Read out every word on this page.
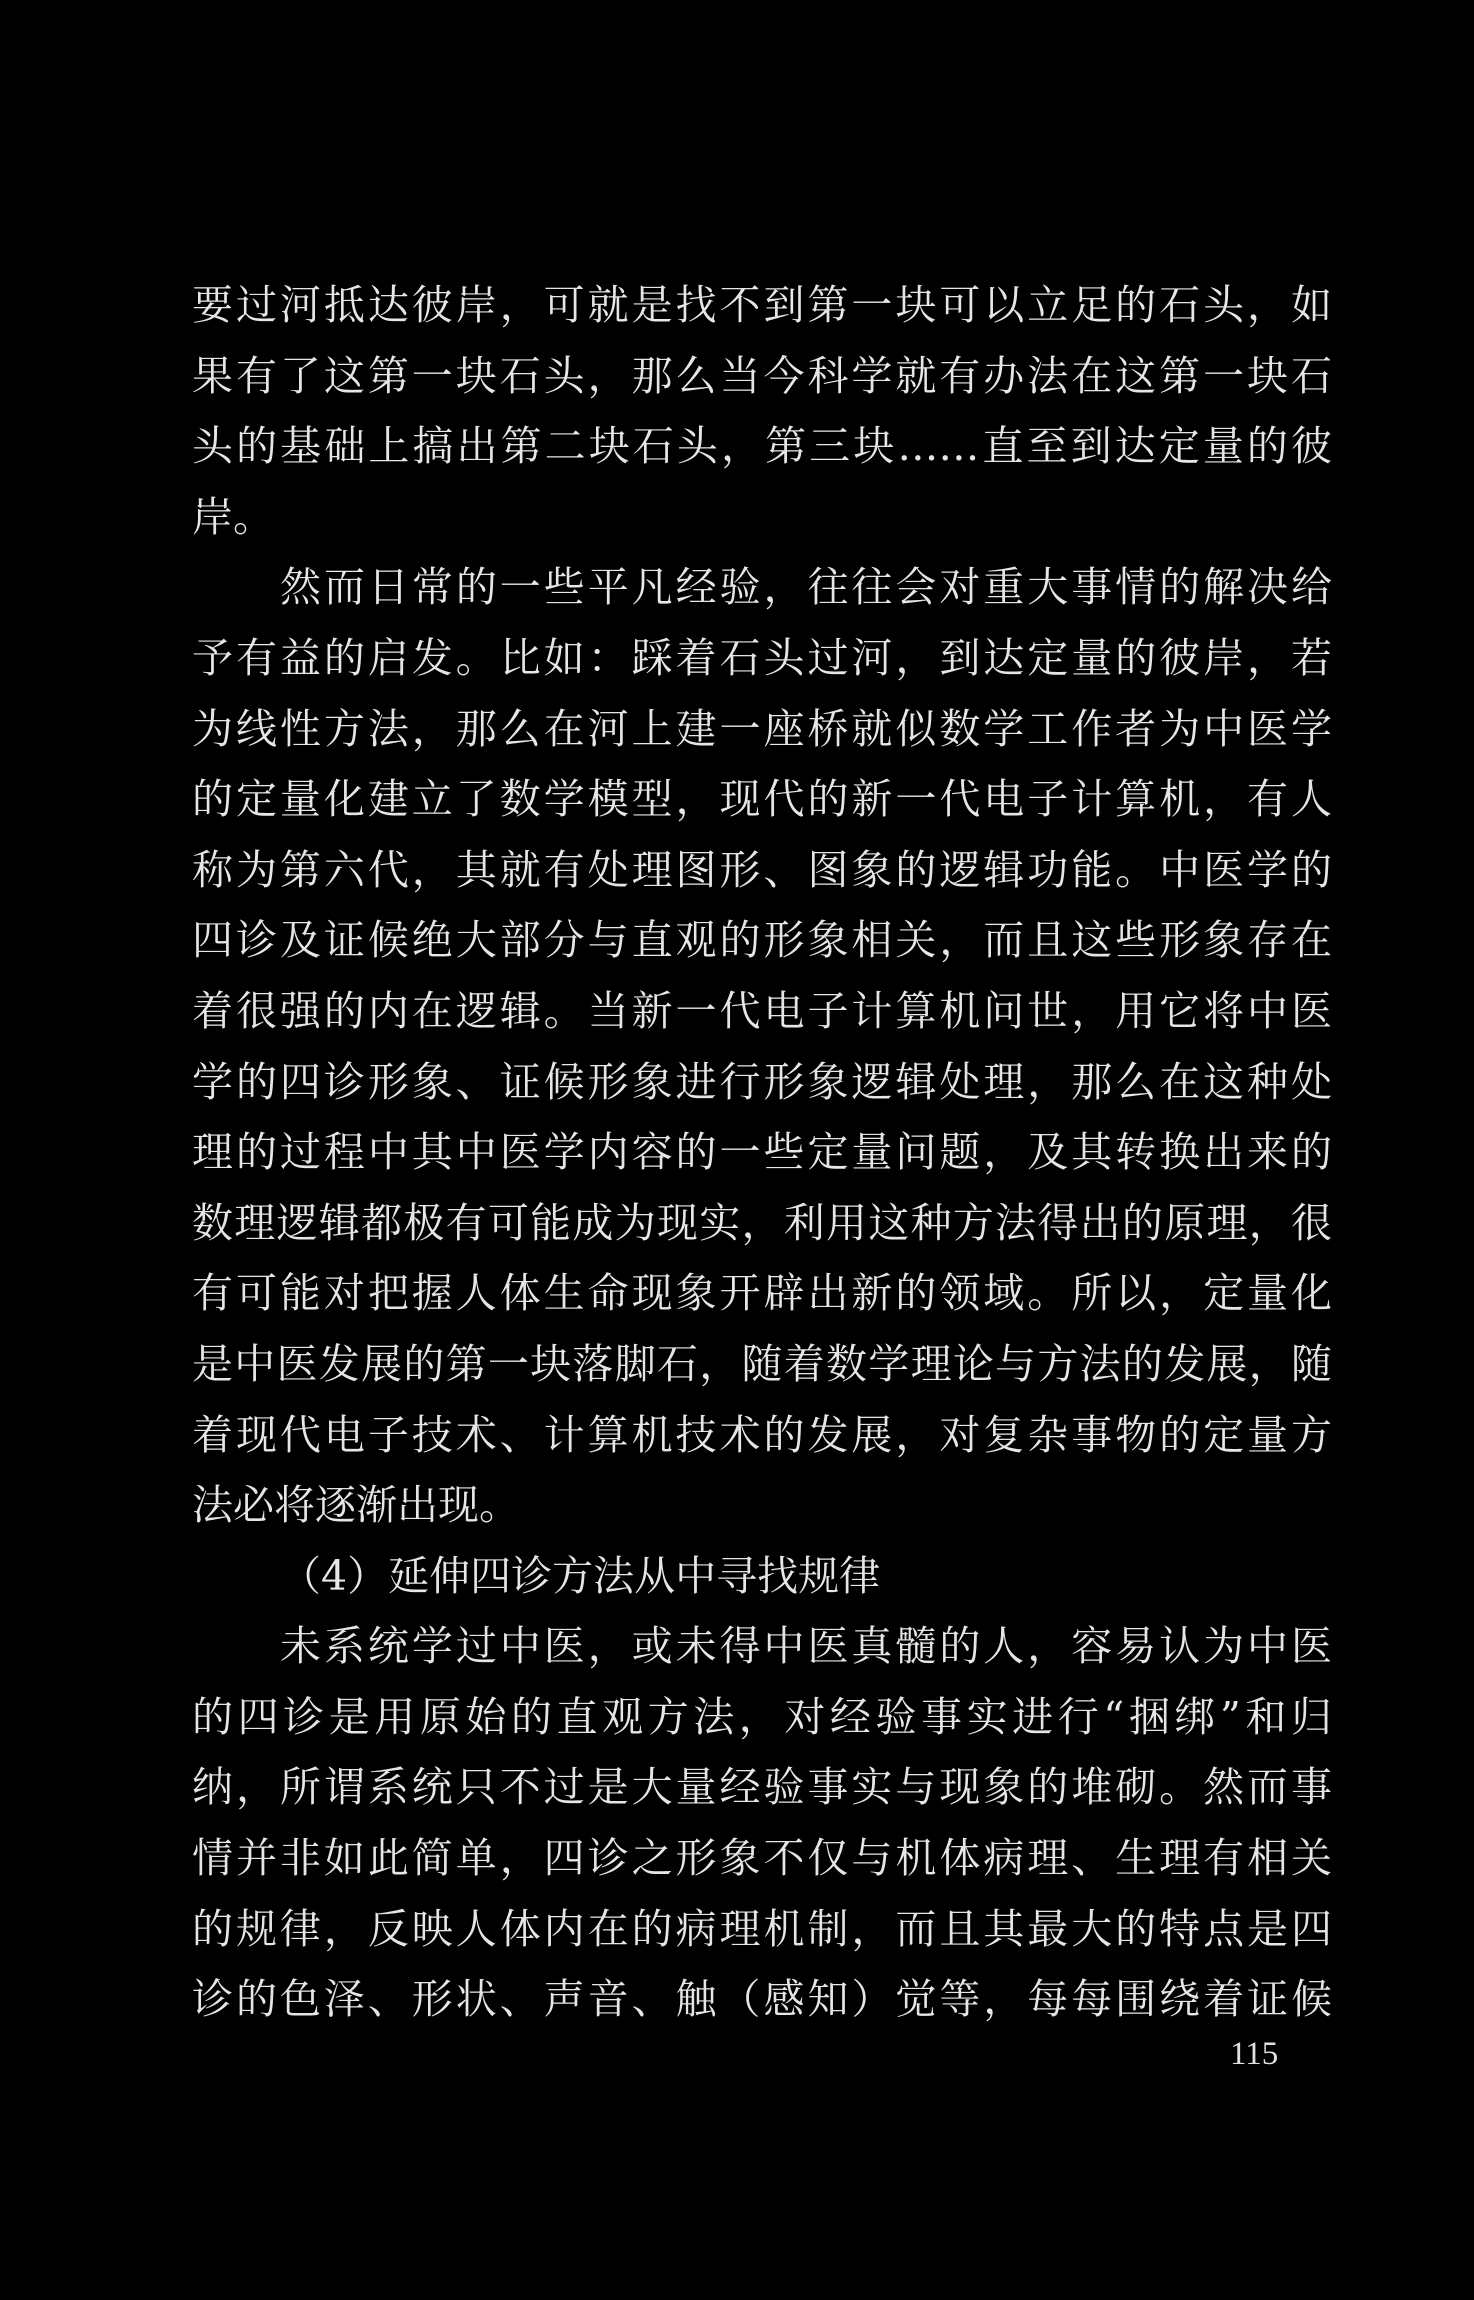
要过河抵达彼岸，可就是找不到第一块可以立足的石头，如
果有了这第一块石头，那么当今科学就有办法在这第一块石
头的基础上搞出第二块石头，第三块……直至到达定量的彼
岸。
然而日常的一些平凡经验，往往会对重大事情的解决给
予有益的启发。比如：踩着石头过河，到达定量的彼岸，若
为线性方法，那么在河上建一座桥就似数学工作者为中医学
的定量化建立了数学模型，现代的新一代电子计算机，有人
称为第六代，其就有处理图形、图象的逻辑功能。中医学的
四诊及证候绝大部分与直观的形象相关，而且这些形象存在
着很强的内在逻辑。当新一代电子计算机问世，用它将中医
学的四诊形象、证候形象进行形象逻辑处理，那么在这种处
理的过程中其中医学内容的一些定量问题，及其转换出来的
数理逻辑都极有可能成为现实，利用这种方法得出的原理，很
有可能对把握人体生命现象开辟出新的领域。所以，定量化
是中医发展的第一块落脚石，随着数学理论与方法的发展，随
着现代电子技术、计算机技术的发展，对复杂事物的定量方
法必将逐渐出现。
（4）延伸四诊方法从中寻找规律
未系统学过中医，或未得中医真髓的人，容易认为中医
的四诊是用原始的直观方法，对经验事实进行“捆绑”和归
纳，所谓系统只不过是大量经验事实与现象的堆砌。然而事
情并非如此简单，四诊之形象不仅与机体病理、生理有相关
的规律，反映人体内在的病理机制，而且其最大的特点是四
诊的色泽、形状、声音、触（感知）觉等，每每围绕着证候
115
